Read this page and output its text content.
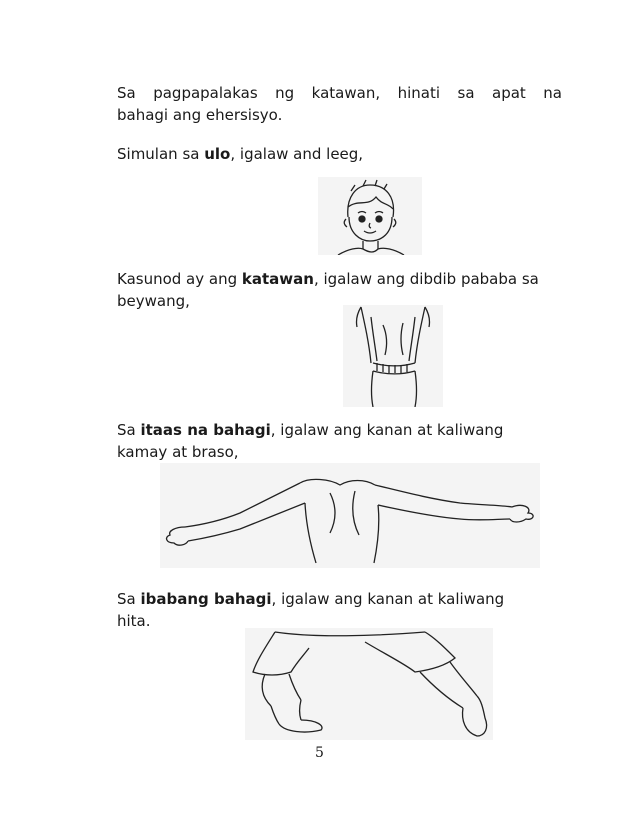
Sa pagpapalakas ng katawan, hinati sa apat na

bahagi ang ehersisyo.

Simulan sa ulo, igalaw and leeg,

Kasunod ay ang katawan, igalaw ang dibdib pababa sa

beywang,

Sa itaas na bahagi, igalaw ang kanan at kaliwang

kamay at braso,

Sa ibabang bahagi, igalaw ang kanan at kaliwang

hita.

5
